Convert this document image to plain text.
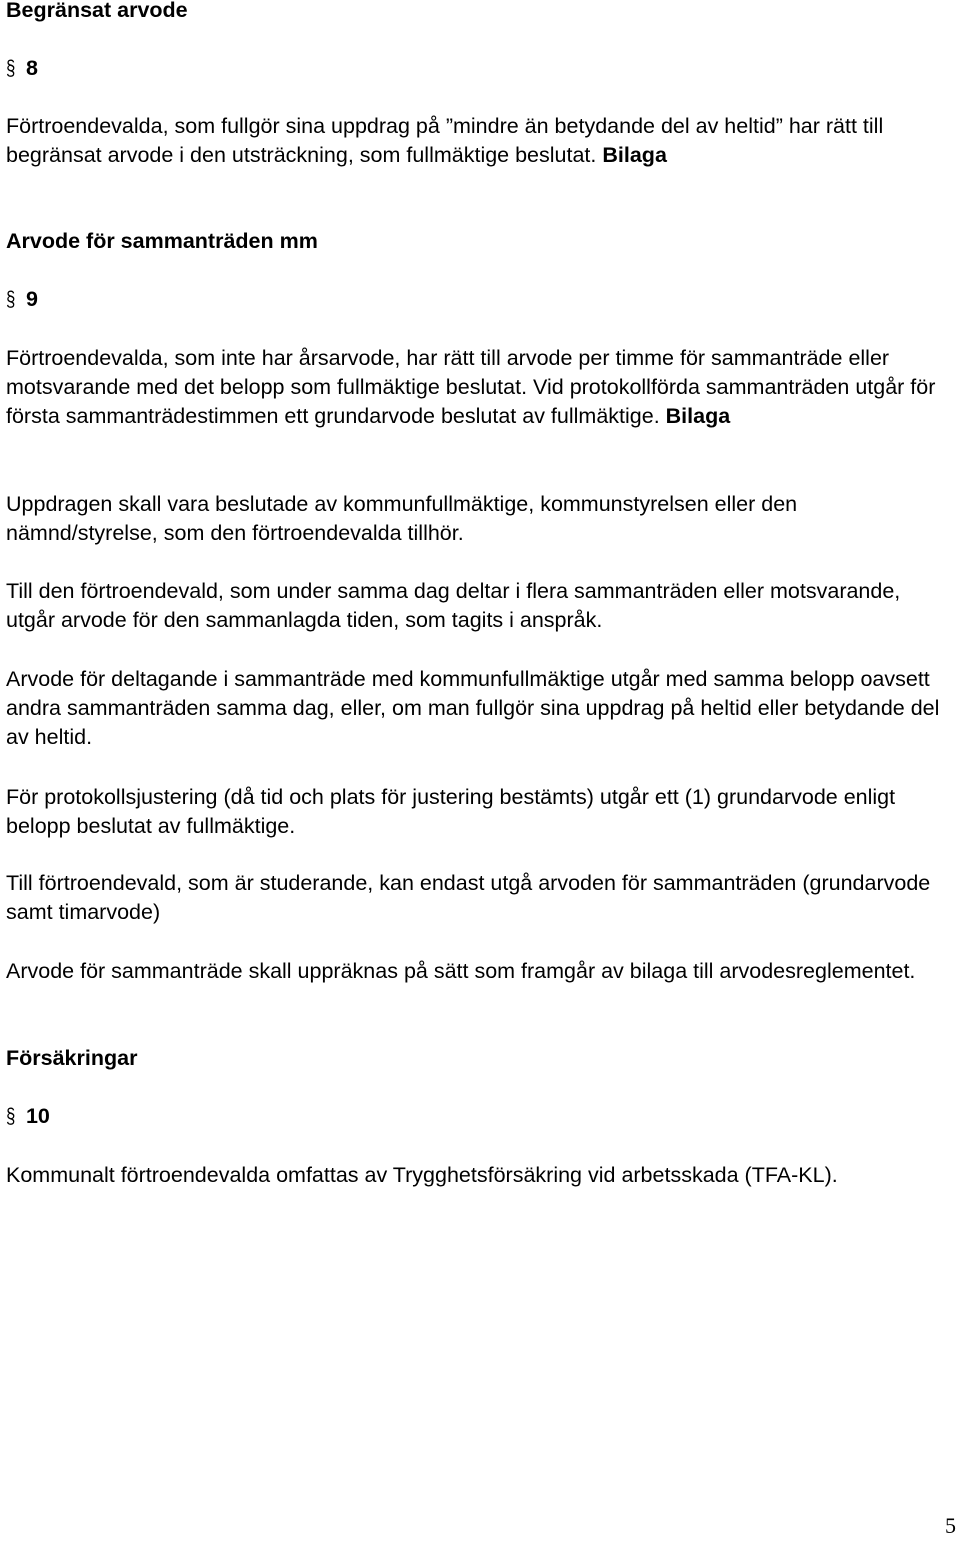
Begränsat arvode
§ 8

Förtroendevalda, som fullgör sina uppdrag på ”mindre än betydande del av heltid” har rätt till begränsat arvode i den utsträckning, som fullmäktige beslutat. Bilaga

Arvode för sammanträden mm
§ 9

Förtroendevalda, som inte har årsarvode, har rätt till arvode per timme för sammanträde eller motsvarande med det belopp som fullmäktige beslutat. Vid protokollförda sammanträden utgår för första sammanträdestimmen ett grundarvode beslutat av fullmäktige. Bilaga

Uppdragen skall vara beslutade av kommunfullmäktige, kommunstyrelsen eller den nämnd/styrelse, som den förtroendevalda tillhör.

Till den förtroendevald, som under samma dag deltar i flera sammanträden eller motsvarande, utgår arvode för den sammanlagda tiden, som tagits i anspråk.

Arvode för deltagande i sammanträde med kommunfullmäktige utgår med samma belopp oavsett andra sammanträden samma dag, eller, om man fullgör sina uppdrag på heltid eller betydande del av heltid.

För protokollsjustering (då tid och plats för justering bestämts) utgår ett (1) grundarvode enligt belopp beslutat av fullmäktige.

Till förtroendevald, som är studerande, kan endast utgå arvoden för sammanträden (grundarvode samt timarvode)

Arvode för sammanträde skall uppräknas på sätt som framgår av bilaga till arvodesreglementet.

Försäkringar
§ 10

Kommunalt förtroendevalda omfattas av Trygghetsförsäkring vid arbetsskada (TFA-KL).

5
